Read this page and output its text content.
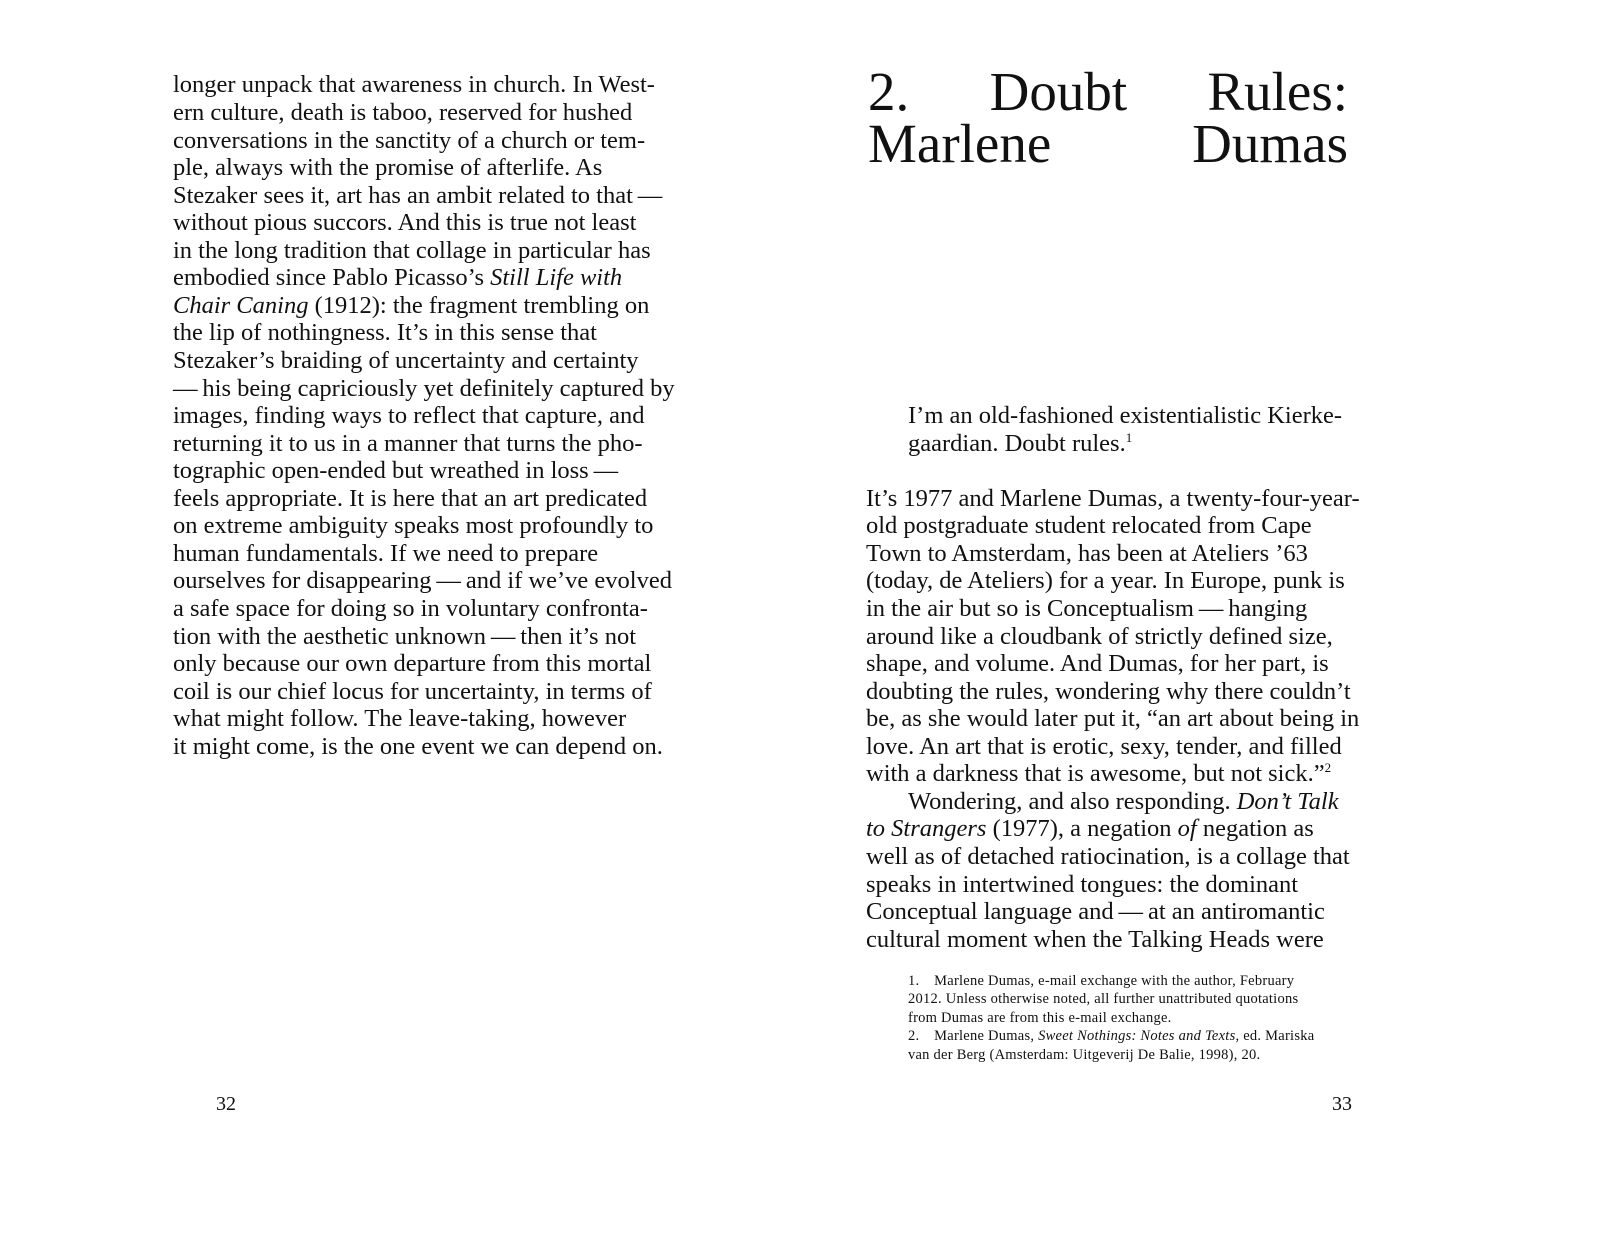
longer unpack that awareness in church. In West-
ern culture, death is taboo, reserved for hushed
conversations in the sanctity of a church or tem-
ple, always with the promise of afterlife. As
Stezaker sees it, art has an ambit related to that —
without pious succors. And this is true not least
in the long tradition that collage in particular has
embodied since Pablo Picasso’s Still Life with
Chair Caning (1912): the fragment trembling on
the lip of nothingness. It’s in this sense that
Stezaker’s braiding of uncertainty and certainty
— his being capriciously yet definitely captured by
images, finding ways to reflect that capture, and
returning it to us in a manner that turns the pho-
tographic open-ended but wreathed in loss —
feels appropriate. It is here that an art predicated
on extreme ambiguity speaks most profoundly to
human fundamentals. If we need to prepare
ourselves for disappearing — and if we’ve evolved
a safe space for doing so in voluntary confronta-
tion with the aesthetic unknown — then it’s not
only because our own departure from this mortal
coil is our chief locus for uncertainty, in terms of
what might follow. The leave-taking, however
it might come, is the one event we can depend on.
32
2. Doubt Rules:
Marlene Dumas
I’m an old-fashioned existentialistic Kierke-
gaardian. Doubt rules.$^1$
It’s 1977 and Marlene Dumas, a twenty-four-year-
old postgraduate student relocated from Cape
Town to Amsterdam, has been at Ateliers ’63
(today, de Ateliers) for a year. In Europe, punk is
in the air but so is Conceptualism — hanging
around like a cloudbank of strictly defined size,
shape, and volume. And Dumas, for her part, is
doubting the rules, wondering why there couldn’t
be, as she would later put it, “an art about being in
love. An art that is erotic, sexy, tender, and filled
with a darkness that is awesome, but not sick.”$^2$
Wondering, and also responding. Don’t Talk
to Strangers (1977), a negation of negation as
well as of detached ratiocination, is a collage that
speaks in intertwined tongues: the dominant
Conceptual language and — at an antiromantic
cultural moment when the Talking Heads were
1. Marlene Dumas, e-mail exchange with the author, February
2012. Unless otherwise noted, all further unattributed quotations
from Dumas are from this e-mail exchange.
2. Marlene Dumas, Sweet Nothings: Notes and Texts, ed. Mariska
van der Berg (Amsterdam: Uitgeverij De Balie, 1998), 20.
33
